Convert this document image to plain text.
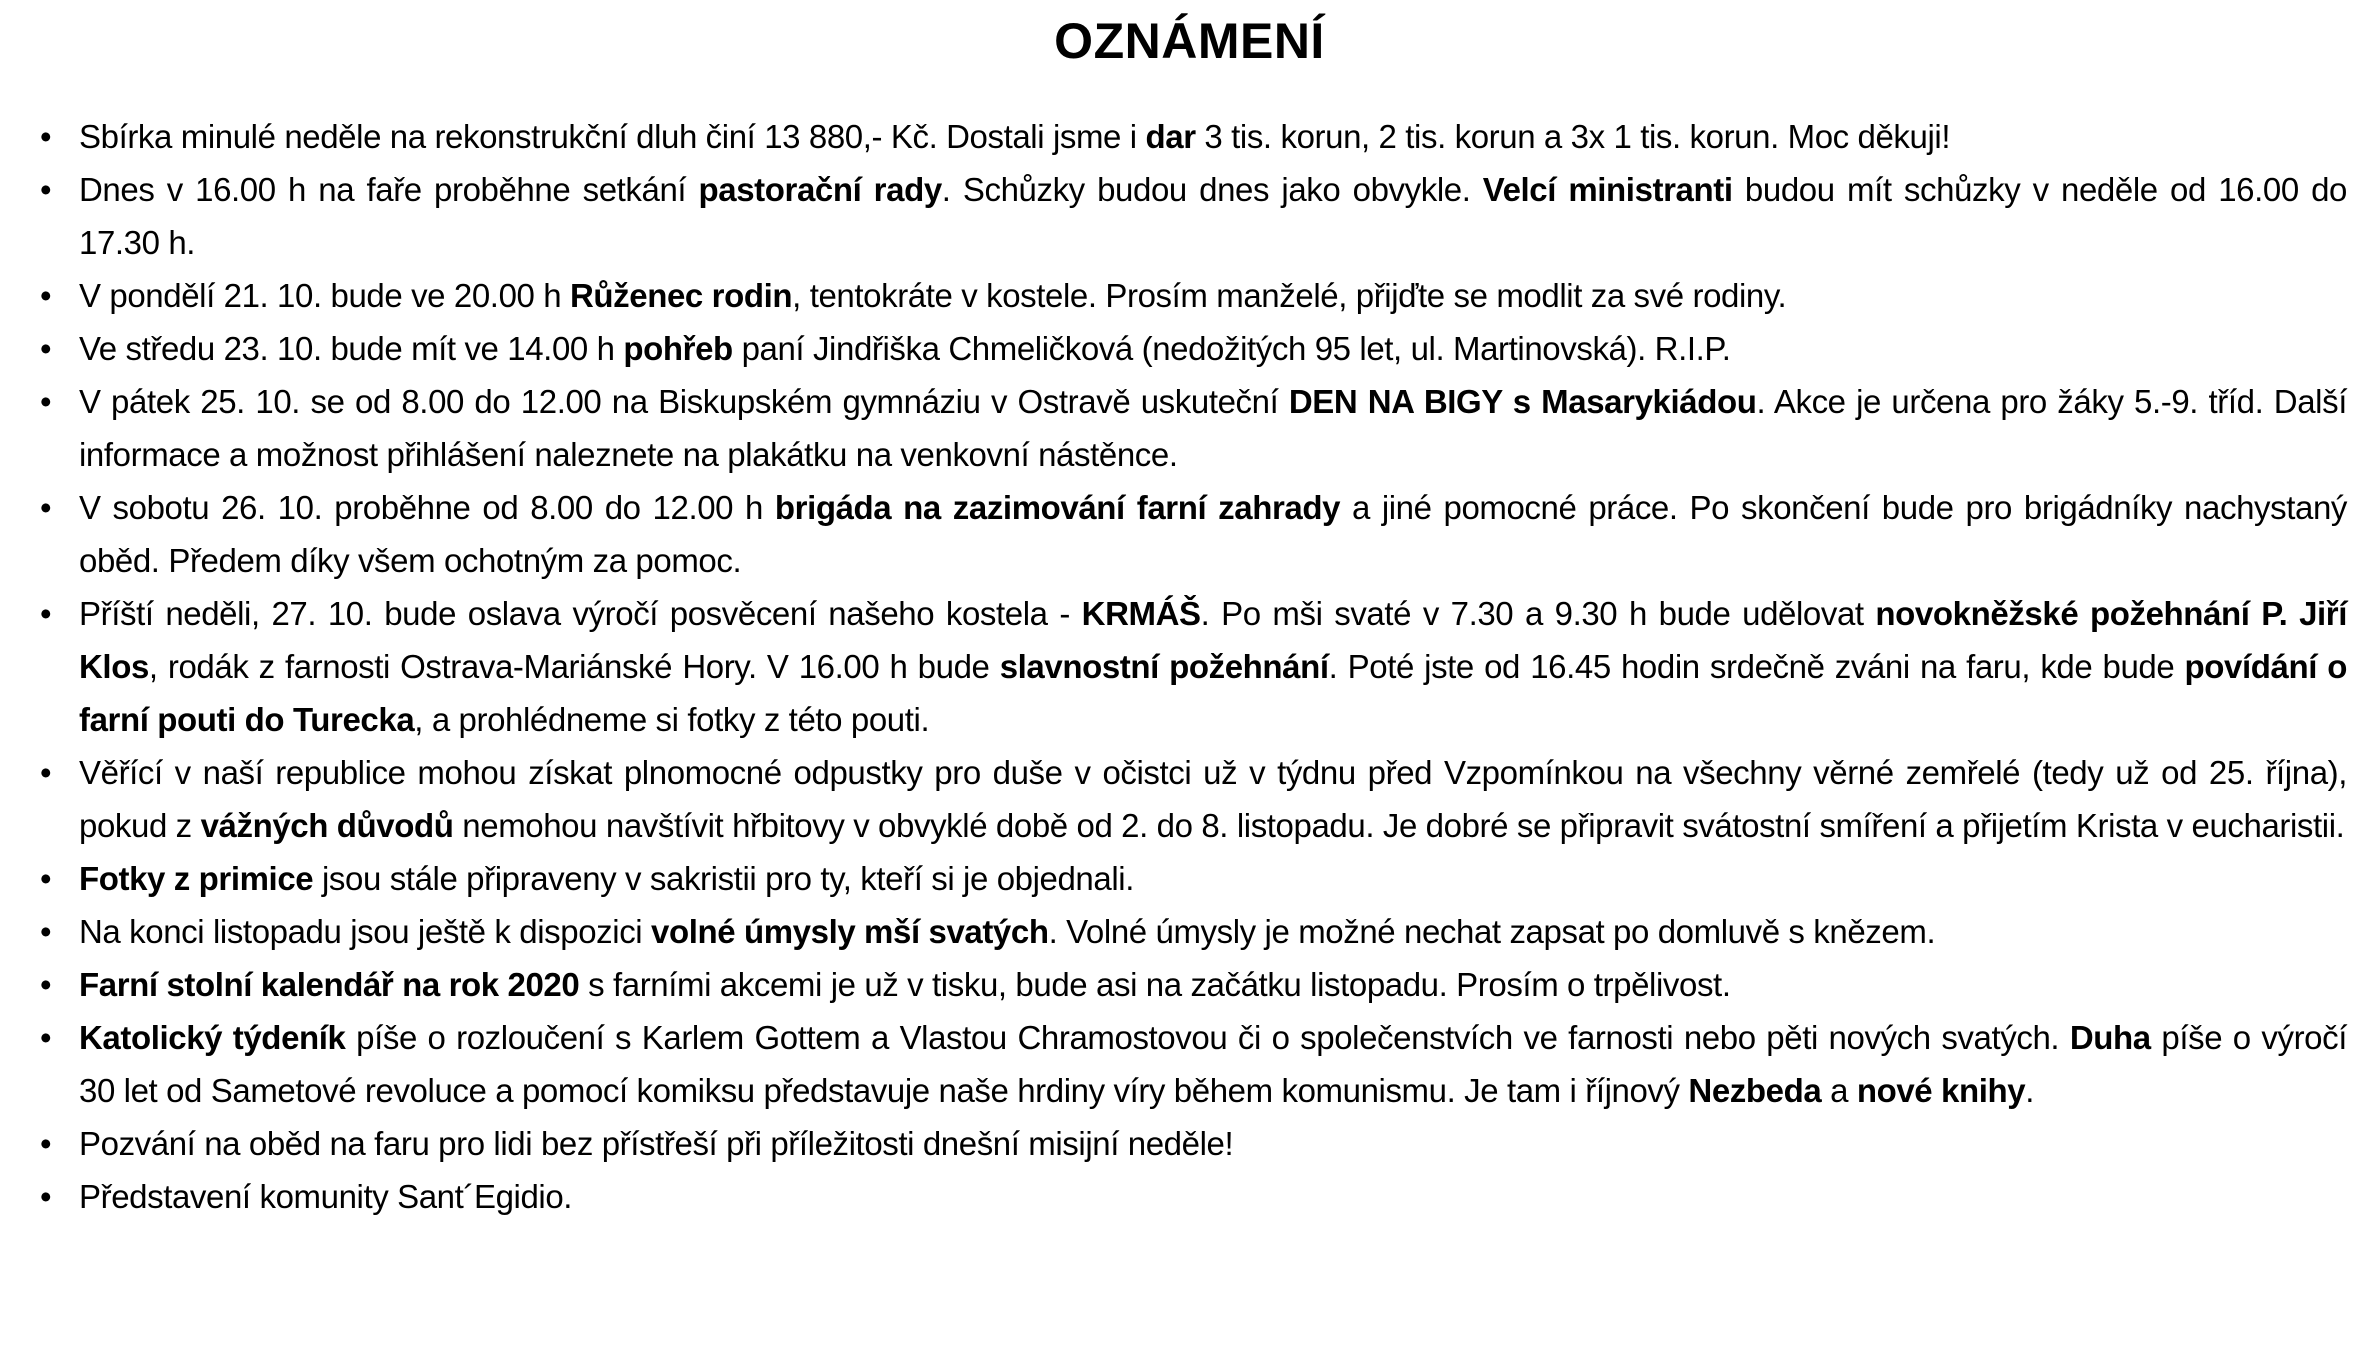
OZNÁMENÍ
• Sbírka minulé neděle na rekonstrukční dluh činí 13 880,- Kč. Dostali jsme i dar 3 tis. korun, 2 tis. korun a 3x 1 tis. korun. Moc děkuji!
• Dnes v 16.00 h na faře proběhne setkání pastorační rady. Schůzky budou dnes jako obvykle. Velcí ministranti budou mít schůzky v neděle od 16.00 do 17.30 h.
• V pondělí 21. 10. bude ve 20.00 h Růženec rodin, tentokráte v kostele. Prosím manželé, přijďte se modlit za své rodiny.
• Ve středu 23. 10. bude mít ve 14.00 h pohřeb paní Jindřiška Chmeličková (nedožitých 95 let, ul. Martinovská). R.I.P.
• V pátek 25. 10. se od 8.00 do 12.00 na Biskupském gymnáziu v Ostravě uskuteční DEN NA BIGY s Masarykiádou. Akce je určena pro žáky 5.-9. tříd. Další informace a možnost přihlášení naleznete na plakátku na venkovní nástěnce.
• V sobotu 26. 10. proběhne od 8.00 do 12.00 h brigáda na zazimování farní zahrady a jiné pomocné práce. Po skončení bude pro brigádníky nachystaný oběd. Předem díky všem ochotným za pomoc.
• Příští neděli, 27. 10. bude oslava výročí posvěcení našeho kostela - KRMÁŠ. Po mši svaté v 7.30 a 9.30 h bude udělovat novokněžské požehnání P. Jiří Klos, rodák z farnosti Ostrava-Mariánské Hory. V 16.00 h bude slavnostní požehnání. Poté jste od 16.45 hodin srdečně zváni na faru, kde bude povídání o farní pouti do Turecka, a prohlédneme si fotky z této pouti.
• Věřící v naší republice mohou získat plnomocné odpustky pro duše v očistci už v týdnu před Vzpomínkou na všechny věrné zemřelé (tedy už od 25. října), pokud z vážných důvodů nemohou navštívit hřbitovy v obvyklé době od 2. do 8. listopadu. Je dobré se připravit svátostní smíření a přijetím Krista v eucharistii.
• Fotky z primice jsou stále připraveny v sakristii pro ty, kteří si je objednali.
• Na konci listopadu jsou ještě k dispozici volné úmysly mší svatých. Volné úmysly je možné nechat zapsat po domluvě s knězem.
• Farní stolní kalendář na rok 2020 s farními akcemi je už v tisku, bude asi na začátku listopadu. Prosím o trpělivost.
• Katolický týdeník píše o rozloučení s Karlem Gottem a Vlastou Chramostovou či o společenstvích ve farnosti nebo pěti nových svatých. Duha píše o výročí 30 let od Sametové revoluce a pomocí komiksu představuje naše hrdiny víry během komunismu. Je tam i říjnový Nezbeda a nové knihy.
• Pozvání na oběd na faru pro lidi bez přístřeší při příležitosti dnešní misijní neděle!
• Představení komunity Sant´Egidio.
